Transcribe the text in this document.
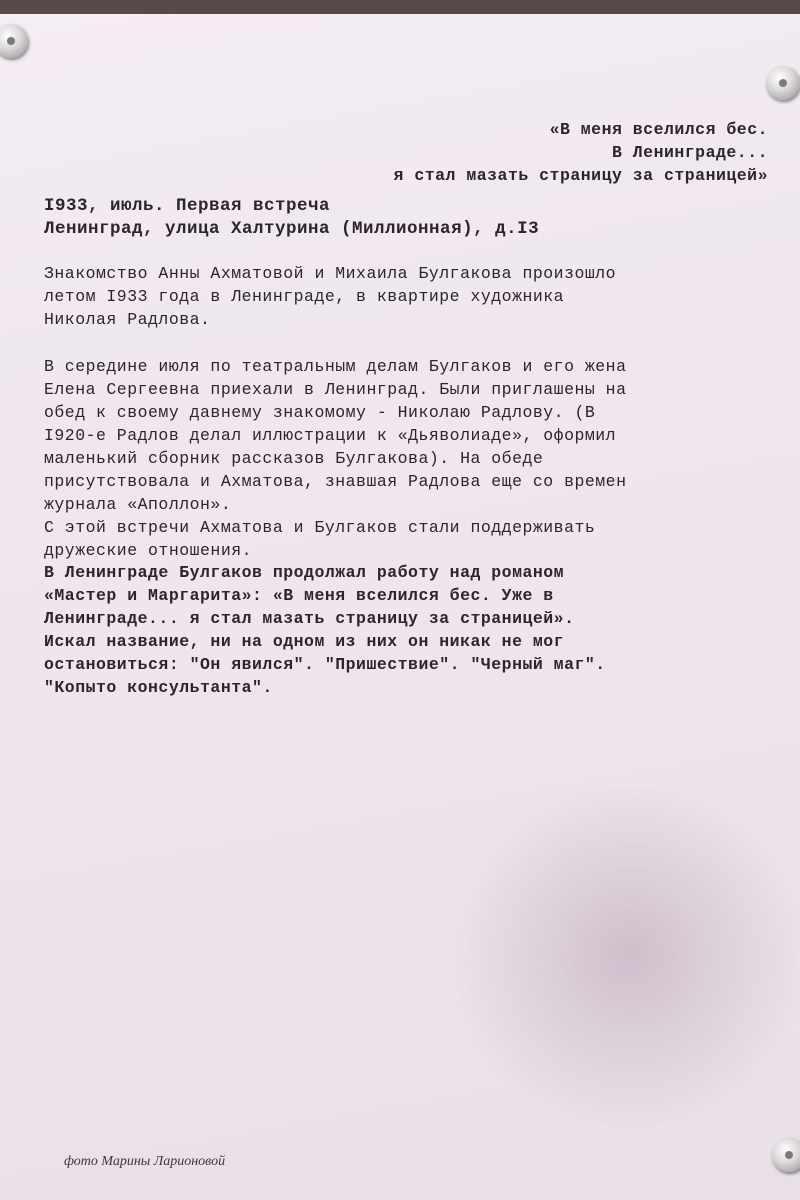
«В меня вселился бес.
В Ленинграде...
я стал мазать страницу за страницей»
I933, июль. Первая встреча
Ленинград, улица Халтурина (Миллионная), д.I3
Знакомство Анны Ахматовой и Михаила Булгакова произошло
летом I933 года в Ленинграде, в квартире художника
Николая Радлова.
В середине июля по театральным делам Булгаков и его жена
Елена Сергеевна приехали в Ленинград. Были приглашены на
обед к своему давнему знакомому - Николаю Радлову. (В
I920-е Радлов делал иллюстрации к «Дьяволиаде», оформил
маленький сборник рассказов Булгакова). На обеде
присутствовала и Ахматова, знавшая Радлова еще со времен
журнала «Аполлон».
С этой встречи Ахматова и Булгаков стали поддерживать
дружеские отношения.
В Ленинграде Булгаков продолжал работу над романом
«Мастер и Маргарита»: «В меня вселился бес. Уже в
Ленинграде... я стал мазать страницу за страницей».
Искал название, ни на одном из них он никак не мог
остановиться: "Он явился". "Пришествие". "Черный маг".
"Копыто консультанта".
фото Марины Ларионовой
